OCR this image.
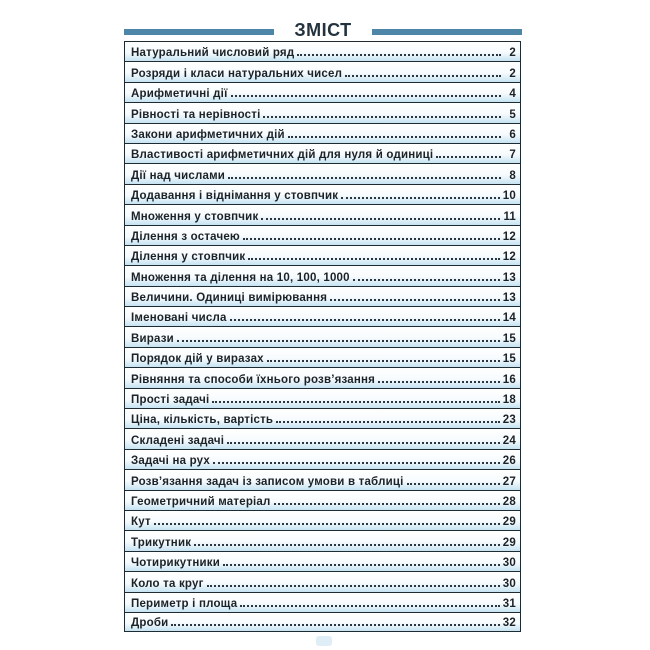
ЗМІСТ
Натуральний числовий ряд	2
Розряди і класи натуральних чисел	2
Арифметичні дії	4
Рівності та нерівності	5
Закони арифметичних дій	6
Властивості арифметичних дій для нуля й одиниці	7
Дії над числами	8
Додавання і віднімання у стовпчик	10
Множення у стовпчик	11
Ділення з остачею	12
Ділення у стовпчик	12
Множення та ділення на 10, 100, 1000	13
Величини. Одиниці вимірювання	13
Іменовані числа	14
Вирази	15
Порядок дій у виразах	15
Рівняння та способи їхнього розв’язання	16
Прості задачі	18
Ціна, кількість, вартість	23
Складені задачі	24
Задачі на рух	26
Розв’язання задач із записом умови в таблиці	27
Геометричний матеріал	28
Кут	29
Трикутник	29
Чотирикутники	30
Коло та круг	30
Периметр і площа	31
Дроби	32
